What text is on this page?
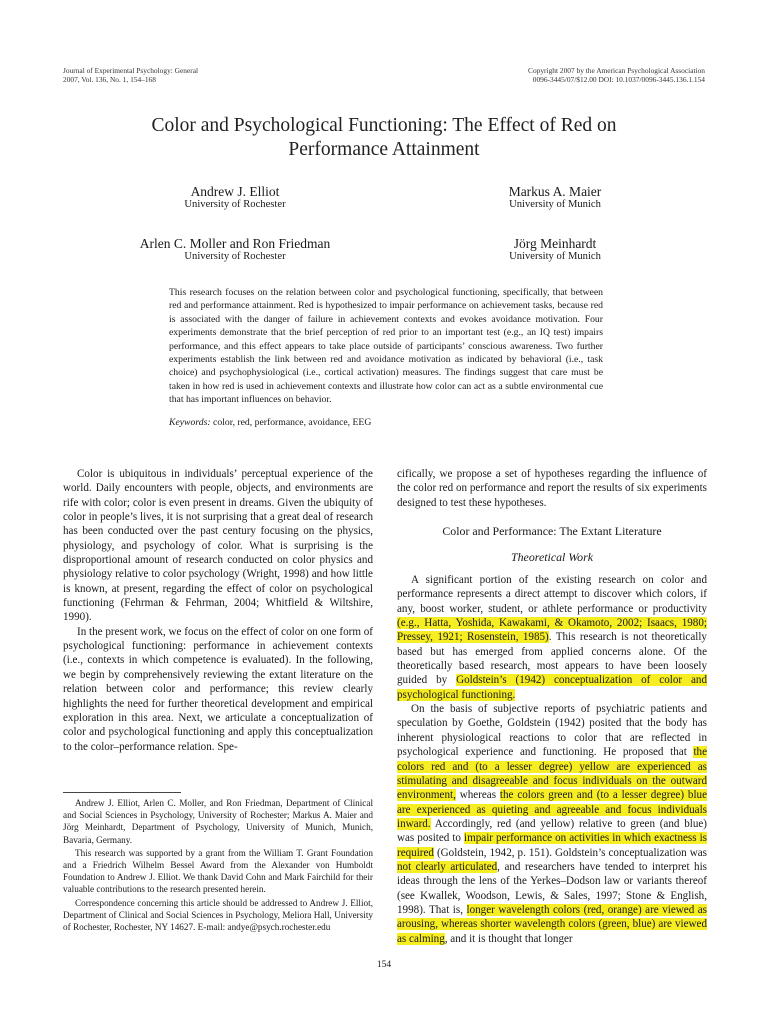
Journal of Experimental Psychology: General
2007, Vol. 136, No. 1, 154–168
Copyright 2007 by the American Psychological Association
0096-3445/07/$12.00 DOI: 10.1037/0096-3445.136.1.154
Color and Psychological Functioning: The Effect of Red on
Performance Attainment
Andrew J. Elliot
University of Rochester
Markus A. Maier
University of Munich
Arlen C. Moller and Ron Friedman
University of Rochester
Jörg Meinhardt
University of Munich
This research focuses on the relation between color and psychological functioning, specifically, that between red and performance attainment. Red is hypothesized to impair performance on achievement tasks, because red is associated with the danger of failure in achievement contexts and evokes avoidance motivation. Four experiments demonstrate that the brief perception of red prior to an important test (e.g., an IQ test) impairs performance, and this effect appears to take place outside of participants’ conscious awareness. Two further experiments establish the link between red and avoidance motivation as indicated by behavioral (i.e., task choice) and psychophysiological (i.e., cortical activation) measures. The findings suggest that care must be taken in how red is used in achievement contexts and illustrate how color can act as a subtle environmental cue that has important influences on behavior.
Keywords: color, red, performance, avoidance, EEG

Color is ubiquitous in individuals’ perceptual experience of the world. Daily encounters with people, objects, and environments are rife with color; color is even present in dreams. Given the ubiquity of color in people’s lives, it is not surprising that a great deal of research has been conducted over the past century focusing on the physics, physiology, and psychology of color. What is surprising is the disproportional amount of research conducted on color physics and physiology relative to color psychology (Wright, 1998) and how little is known, at present, regarding the effect of color on psychological functioning (Fehrman & Fehrman, 2004; Whitfield & Wiltshire, 1990).

In the present work, we focus on the effect of color on one form of psychological functioning: performance in achievement contexts (i.e., contexts in which competence is evaluated). In the following, we begin by comprehensively reviewing the extant literature on the relation between color and performance; this review clearly highlights the need for further theoretical development and empirical exploration in this area. Next, we articulate a conceptualization of color and psychological functioning and apply this conceptualization to the color–performance relation. Spe-

Andrew J. Elliot, Arlen C. Moller, and Ron Friedman, Department of Clinical and Social Sciences in Psychology, University of Rochester; Markus A. Maier and Jörg Meinhardt, Department of Psychology, University of Munich, Munich, Bavaria, Germany.

This research was supported by a grant from the William T. Grant Foundation and a Friedrich Wilhelm Bessel Award from the Alexander von Humboldt Foundation to Andrew J. Elliot. We thank David Cohn and Mark Fairchild for their valuable contributions to the research presented herein.

Correspondence concerning this article should be addressed to Andrew J. Elliot, Department of Clinical and Social Sciences in Psychology, Meliora Hall, University of Rochester, Rochester, NY 14627. E-mail: andye@psych.rochester.edu

cifically, we propose a set of hypotheses regarding the influence of the color red on performance and report the results of six experiments designed to test these hypotheses.

Color and Performance: The Extant Literature
Theoretical Work

A significant portion of the existing research on color and performance represents a direct attempt to discover which colors, if any, boost worker, student, or athlete performance or productivity (e.g., Hatta, Yoshida, Kawakami, & Okamoto, 2002; Isaacs, 1980; Pressey, 1921; Rosenstein, 1985). This research is not theoretically based but has emerged from applied concerns alone. Of the theoretically based research, most appears to have been loosely guided by Goldstein’s (1942) conceptualization of color and psychological functioning.

On the basis of subjective reports of psychiatric patients and speculation by Goethe, Goldstein (1942) posited that the body has inherent physiological reactions to color that are reflected in psychological experience and functioning. He proposed that the colors red and (to a lesser degree) yellow are experienced as stimulating and disagreeable and focus individuals on the outward environment, whereas the colors green and (to a lesser degree) blue are experienced as quieting and agreeable and focus individuals inward. Accordingly, red (and yellow) relative to green (and blue) was posited to impair performance on activities in which exactness is required (Goldstein, 1942, p. 151). Goldstein’s conceptualization was not clearly articulated, and researchers have tended to interpret his ideas through the lens of the Yerkes–Dodson law or variants thereof (see Kwallek, Woodson, Lewis, & Sales, 1997; Stone & English, 1998). That is, longer wavelength colors (red, orange) are viewed as arousing, whereas shorter wavelength colors (green, blue) are viewed as calming, and it is thought that longer

154
